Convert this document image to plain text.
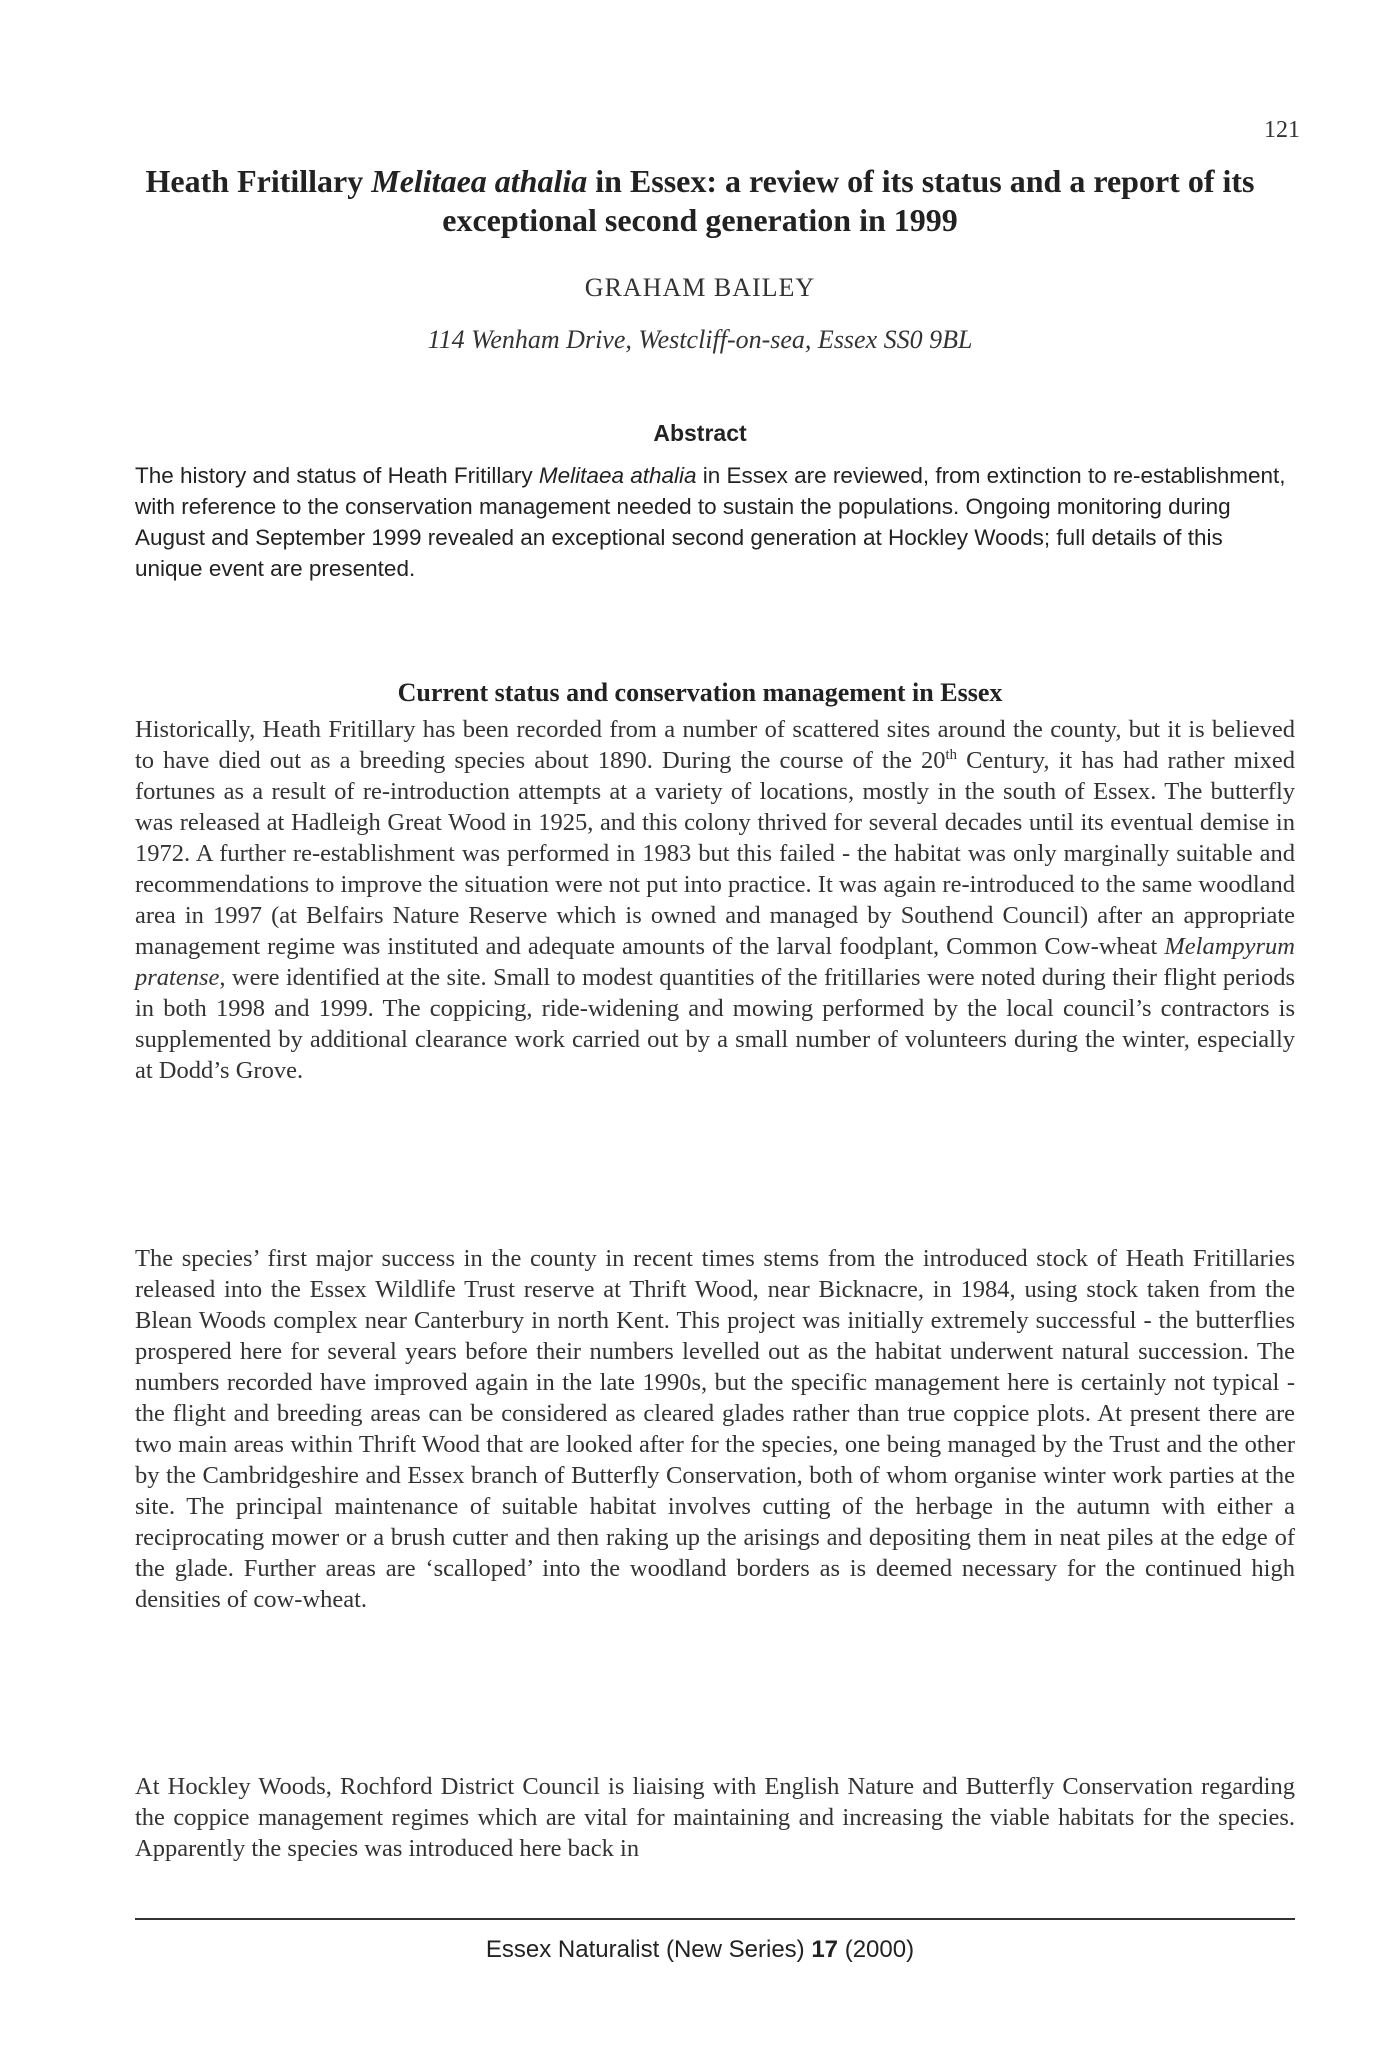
121
Heath Fritillary Melitaea athalia in Essex: a review of its status and a report of its exceptional second generation in 1999
GRAHAM BAILEY
114 Wenham Drive, Westcliff-on-sea, Essex SS0 9BL
Abstract

The history and status of Heath Fritillary Melitaea athalia in Essex are reviewed, from extinction to re-establishment, with reference to the conservation management needed to sustain the populations. Ongoing monitoring during August and September 1999 revealed an exceptional second generation at Hockley Woods; full details of this unique event are presented.

Current status and conservation management in Essex

Historically, Heath Fritillary has been recorded from a number of scattered sites around the county, but it is believed to have died out as a breeding species about 1890. During the course of the 20th Century, it has had rather mixed fortunes as a result of re-introduction attempts at a variety of locations, mostly in the south of Essex. The butterfly was released at Hadleigh Great Wood in 1925, and this colony thrived for several decades until its eventual demise in 1972. A further re-establishment was performed in 1983 but this failed - the habitat was only marginally suitable and recommendations to improve the situation were not put into practice. It was again re-introduced to the same woodland area in 1997 (at Belfairs Nature Reserve which is owned and managed by Southend Council) after an appropriate management regime was instituted and adequate amounts of the larval foodplant, Common Cow-wheat Melampyrum pratense, were identified at the site. Small to modest quantities of the fritillaries were noted during their flight periods in both 1998 and 1999. The coppicing, ride-widening and mowing performed by the local council’s contractors is supplemented by additional clearance work carried out by a small number of volunteers during the winter, especially at Dodd’s Grove.

The species’ first major success in the county in recent times stems from the introduced stock of Heath Fritillaries released into the Essex Wildlife Trust reserve at Thrift Wood, near Bicknacre, in 1984, using stock taken from the Blean Woods complex near Canterbury in north Kent. This project was initially extremely successful - the butterflies prospered here for several years before their numbers levelled out as the habitat underwent natural succession. The numbers recorded have improved again in the late 1990s, but the specific management here is certainly not typical - the flight and breeding areas can be considered as cleared glades rather than true coppice plots. At present there are two main areas within Thrift Wood that are looked after for the species, one being managed by the Trust and the other by the Cambridgeshire and Essex branch of Butterfly Conservation, both of whom organise winter work parties at the site. The principal maintenance of suitable habitat involves cutting of the herbage in the autumn with either a reciprocating mower or a brush cutter and then raking up the arisings and depositing them in neat piles at the edge of the glade. Further areas are ‘scalloped’ into the woodland borders as is deemed necessary for the continued high densities of cow-wheat.

At Hockley Woods, Rochford District Council is liaising with English Nature and Butterfly Conservation regarding the coppice management regimes which are vital for maintaining and increasing the viable habitats for the species. Apparently the species was introduced here back in

Essex Naturalist (New Series) 17 (2000)
